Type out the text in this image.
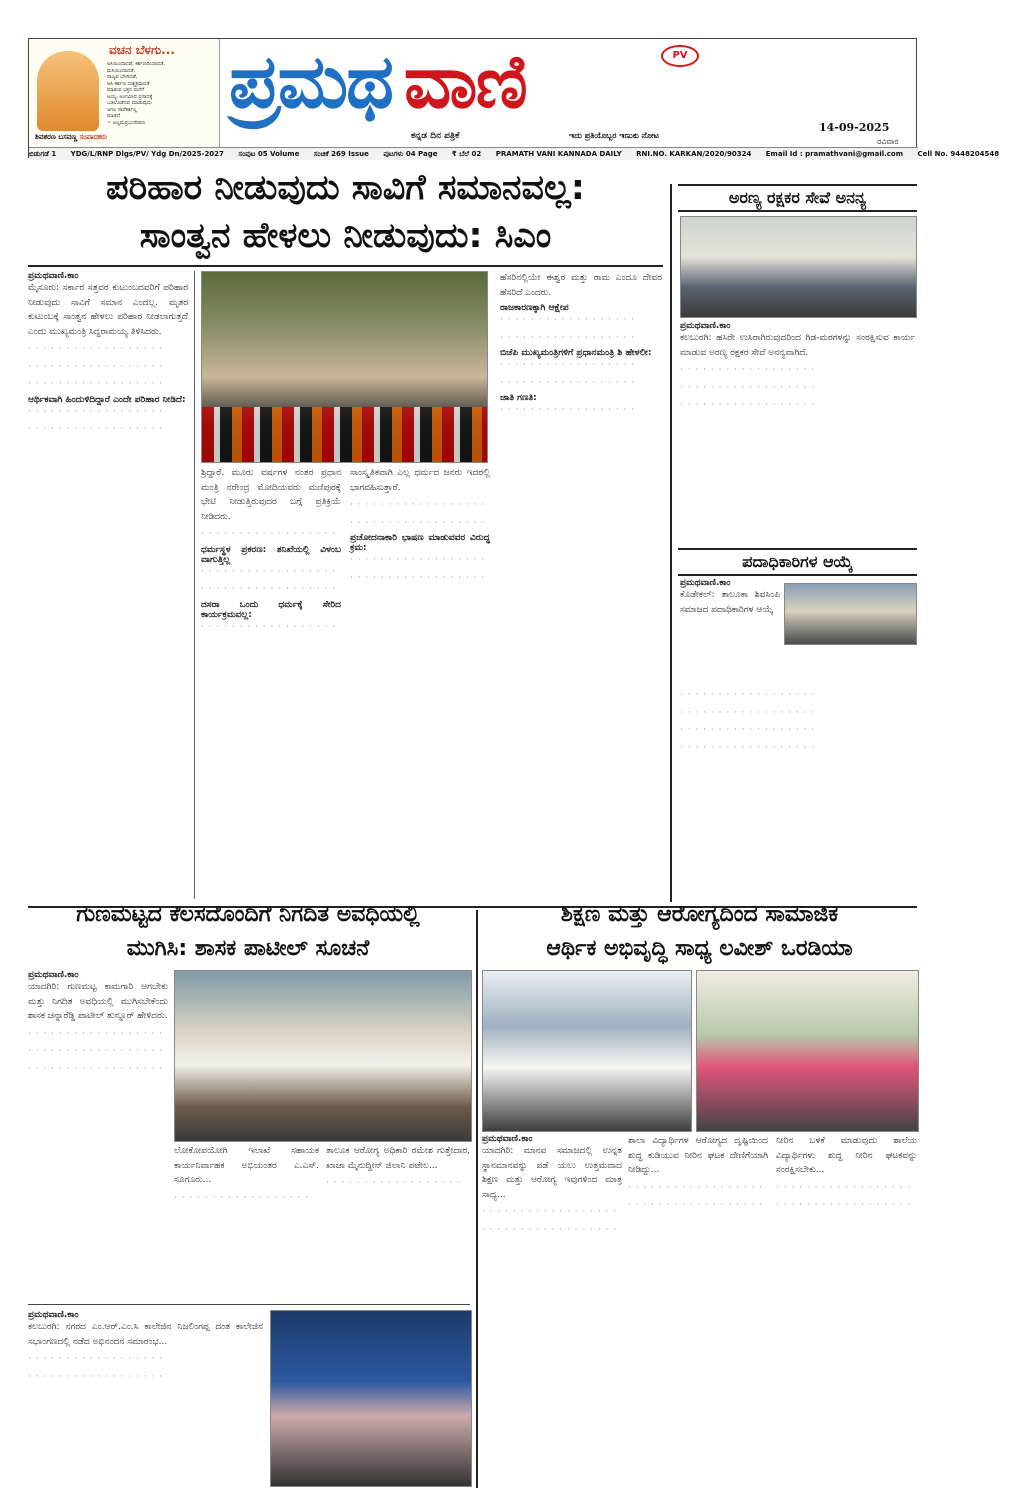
ವಚನ ಬೆಳಗು...
ಅಸಿಯಿಂದಾದಡೆ, ಕರ್ಶಣದಿಂದಾದಡೆ,
ಮಸಿಯಿಂದಾದಡೆ,
ರಾಜ್ಯವ ಬೆಳಗಿದಡೆ,
ಅಸಿ-ಕರ್ಶಣ ದುಶ್ಚಕ್ರವಾದಡೆ
ಮಾಡುವ ಭಕ್ತನ ಮನೆಗೆ
ಅಯ್ಯ, ಅಂಗವಿಸಿದ ಪ್ರಸಾದಕ್ಕೆ
ಒಡಲೊಡೆದವ ಮಾಡುವುದು
ಅಗಲ ಸಾವೆಕರ್ತಲ್ಲ
ಮಾಡದೆ
~ ಅಲ್ಲಮಪ್ರಭುದೇವರು
ಶಿವಶರಣ ಬಸವಣ್ಣ ಸಂಪಾದಕರು
ಪ್ರಮಥ ವಾಣಿ	PV
ಕನ್ನಡ ದಿನ ಪತ್ರಿಕೆ	ಇದು ಪ್ರತಿಯೊಬ್ಬರ ಇಣುಕು ನೋಟ
14-09-2025
ರವಿವಾರ
ಬಿಡುಗಡೆ 1 YDG/L/RNP Dlgs/PV/ Ydg Dn/2025-2027 ಸಂಪುಟ 05 Volume ಸಂಚಿಕೆ 269 Issue ಪುಟಗಳು 04 Page ₹ ಬೆಲೆ 02 PRAMATH VANI KANNADA DAILY RNI.NO. KARKAN/2020/90324 Email Id : pramathvani@gmail.com Cell No. 9448204548
ಪರಿಹಾರ ನೀಡುವುದು ಸಾವಿಗೆ ಸಮಾನವಲ್ಲ:
ಸಾಂತ್ವನ ಹೇಳಲು ನೀಡುವುದು: ಸಿಎಂ
ಪ್ರಮಥವಾಣಿ.ಕಾಂ

ಮೈಸೂರು: ಸರ್ಕಾರ ಸತ್ತವರ ಕುಟುಂಬದವರಿಗೆ ಪರಿಹಾರ ನೀಡುವುದು ಸಾವಿಗೆ ಸಮಾನ ಎಂದಲ್ಲ. ಮೃತರ ಕುಟುಂಬಕ್ಕೆ ಸಾಂತ್ವನ ಹೇಳಲು ಪರಿಹಾರ ನೀಡಲಾಗುತ್ತದೆ ಎಂದು ಮುಖ್ಯಮಂತ್ರಿ ಸಿದ್ದರಾಮಯ್ಯ ತಿಳಿಸಿದರು.

· · · · · · · · · · · · · · · · · ·

· · · · · · · · · · · · · · · · · ·

· · · · · · · · · · · · · · · · · ·

ಆರ್ಥಿಕವಾಗಿ ಹಿಂದುಳಿದಿದ್ದಾರೆ ಎಂದೇ ಪರಿಹಾರ ನೀಡಿದೆ:

· · · · · · · · · · · · · · · · · ·

· · · · · · · · · · · · · · · · · ·

ಶ್ರಿದ್ದಾರೆ. ಮೂರು ವರ್ಷಗಳ ನಂತರ ಪ್ರಧಾನ ಮಂತ್ರಿ ನರೇಂದ್ರ ಮೋದಿಯವರು ಮಣಿಪುರಕ್ಕೆ ಭೇಟಿ ನೀಡುತ್ತಿರುವುದರ ಬಗ್ಗೆ ಪ್ರತಿಕ್ರಿಯೆ ನೀಡಿದರು.

· · · · · · · · · · · · · · · · · ·

ಧರ್ಮಸ್ಥಳ ಪ್ರಕರಣ: ತನಿಖೆಯಲ್ಲಿ ವಿಳಂಬ ವಾಗುತ್ತಿಲ್ಲ

· · · · · · · · · · · · · · · · · ·

· · · · · · · · · · · · · · · · · ·

ದಸರಾ ಒಂದು ಧರ್ಮಕ್ಕೆ ಸೇರಿದ ಕಾರ್ಯಕ್ರಮವಲ್ಲ:

· · · · · · · · · · · · · · · · · ·

ಸಾಂಸ್ಕೃತಿಕವಾಗಿ ಎಲ್ಲ ಧರ್ಮದ ಜನರು ಇದರಲ್ಲಿ ಭಾಗವಹಿಸುತ್ತಾರೆ.

· · · · · · · · · · · · · · · · · ·

· · · · · · · · · · · · · · · · · ·

ಪ್ರಚೋದನಾಕಾರಿ ಭಾಷಣ ಮಾಡುವವರ ವಿರುದ್ಧ ಕ್ರಮ:

· · · · · · · · · · · · · · · · · ·

· · · · · · · · · · · · · · · · · ·

ಹೆಸರಿನಲ್ಲಿಯೇ ಈಶ್ವರ ಮತ್ತು ರಾಮ ಎಂದೂ ದೇವರ ಹೆಸರಿದೆ ಎಂದರು.

ರಾಜಕಾರಣಕ್ಕಾಗಿ ಆಕ್ಷೇಪ

· · · · · · · · · · · · · · · · · ·

· · · · · · · · · · · · · · · · · ·

ಬಿಜೆಪಿ ಮುಖ್ಯಮಂತ್ರಿಗಳಿಗೆ ಪ್ರಧಾನಮಂತ್ರಿ ಶಿ ಹೇಳಲೀ:

· · · · · · · · · · · · · · · · · ·

· · · · · · · · · · · · · · · · · ·

ಜಾತಿ ಗಣತಿ:

· · · · · · · · · · · · · · · · · ·

ಅರಣ್ಯ ರಕ್ಷಕರ ಸೇವೆ ಅನನ್ಯ
ಪ್ರಮಥವಾಣಿ.ಕಾಂ

ಕಲಬುರಗಿ: ಹಸಿರೇ ಉಸಿರಾಗಿರುವುದರಿಂದ ಗಿಡ-ಮರಗಳನ್ನು ಸಂರಕ್ಷಿಸುವ ಕಾರ್ಯ ಮಾಡುವ ಅರಣ್ಯ ರಕ್ಷಕರ ಸೇವೆ ಅನನ್ಯವಾಗಿದೆ.

· · · · · · · · · · · · · · · · · ·

· · · · · · · · · · · · · · · · · ·

· · · · · · · · · · · · · · · · · ·

ಪದಾಧಿಕಾರಿಗಳ ಆಯ್ಕೆ
ಪ್ರಮಥವಾಣಿ.ಕಾಂ

ಕೊಡೇಕಲ್: ತಾಲೂಕಾ ಶಿವಸಿಂಪಿ ಸಮಾಜದ ಪದಾಧಿಕಾರಿಗಳ ಆಯ್ಕೆ

· · · · · · · · · · · · · · · · · ·

· · · · · · · · · · · · · · · · · ·

· · · · · · · · · · · · · · · · · ·

· · · · · · · · · · · · · · · · · ·

ಗುಣಮಟ್ಟದ ಕೆಲಸದೊಂದಿಗೆ ನಿಗದಿತ ಅವಧಿಯಲ್ಲಿ
ಮುಗಿಸಿ: ಶಾಸಕ ಪಾಟೀಲ್ ಸೂಚನೆ
ಪ್ರಮಥವಾಣಿ.ಕಾಂ

ಯಾದಗಿರಿ: ಗುಣಮಟ್ಟ ಕಾಮಗಾರಿ ಆಗಬೇಕು ಮತ್ತು ನಿಗದಿತ ಅವಧಿಯಲ್ಲಿ ಮುಗಿಸಬೇಕೆಂದು ಶಾಸಕ ಚನ್ನಾರೆಡ್ಡಿ ಪಾಟೀಲ್ ತುನ್ನೂರ್ ಹೇಳಿದರು.

· · · · · · · · · · · · · · · · · ·

· · · · · · · · · · · · · · · · · ·

· · · · · · · · · · · · · · · · · ·

ಲೋಕೋಪಯೋಗಿ ಇಲಾಖೆ ಸಹಾಯಕ ಕಾರ್ಯನಿರ್ವಾಹಕ ಅಭಿಯಂತರ ಎ.ಎಸ್. ಸೂಗೂರು...

· · · · · · · · · · · · · · · · · ·

ತಾಲೂಕ ಆರೋಗ್ಯ ಅಧಿಕಾರಿ ರಮೇಶ ಗುತ್ತೇದಾರ, ಖಾಜಾ ಮೈನುದ್ದೀನ್ ಜಿಲಾನಿ ಪಟೇಲ...

· · · · · · · · · · · · · · · · · ·

ಪ್ರಮಥವಾಣಿ.ಕಾಂ

ಕಲಬುರಗಿ: ನಗರದ ಎಂ.ಆರ್.ಎಂ.ಸಿ ಕಾಲೇಜಿನ ನಿಜಲಿಂಗಪ್ಪ ದಂತ ಕಾಲೇಜಿನ ಸಭಾಂಗಣದಲ್ಲಿ ನಡೆದ ಅಭಿನಂದನ ಸಮಾರಂಭ...

· · · · · · · · · · · · · · · · · ·

· · · · · · · · · · · · · · · · · ·

ಶಿಕ್ಷಣ ಮತ್ತು ಆರೋಗ್ಯದಿಂದ ಸಾಮಾಜಿಕ
ಆರ್ಥಿಕ ಅಭಿವೃದ್ಧಿ ಸಾಧ್ಯ ಲವೀಶ್ ಒರಡಿಯಾ
ಪ್ರಮಥವಾಣಿ.ಕಾಂ

ಯಾದಗಿರಿ: ಮಾನವ ಸಮಾಜದಲ್ಲಿ ಉನ್ನತ ಸ್ಥಾನಮಾನವನ್ನು ಪಡೆ ಯಲು ಉತ್ತಮವಾದ ಶಿಕ್ಷಣ ಮತ್ತು ಆರೋಗ್ಯ ಇವುಗಳಿಂದ ಮಾತ್ರ ಸಾಧ್ಯ...

· · · · · · · · · · · · · · · · · ·

· · · · · · · · · · · · · · · · · ·

ಶಾಲಾ ವಿದ್ಯಾರ್ಥಿಗಳ ಆರೋಗ್ಯದ ದೃಷ್ಟಿಯಿಂದ ಶುದ್ಧ ಕುಡಿಯುವ ನೀರಿನ ಘಟಕ ದೇಣಿಗೆಯಾಗಿ ನೀಡಿದ್ದು...

· · · · · · · · · · · · · · · · · ·

· · · · · · · · · · · · · · · · · ·

ನೀರಿನ ಬಳಕೆ ಮಾಡುವುದು ಶಾಲೆಯ ವಿದ್ಯಾರ್ಥಿಗಳು ಶುದ್ಧ ನೀರಿನ ಘಟಕವನ್ನು ಸಂರಕ್ಷಿಸಬೇಕು...

· · · · · · · · · · · · · · · · · ·

· · · · · · · · · · · · · · · · · ·
